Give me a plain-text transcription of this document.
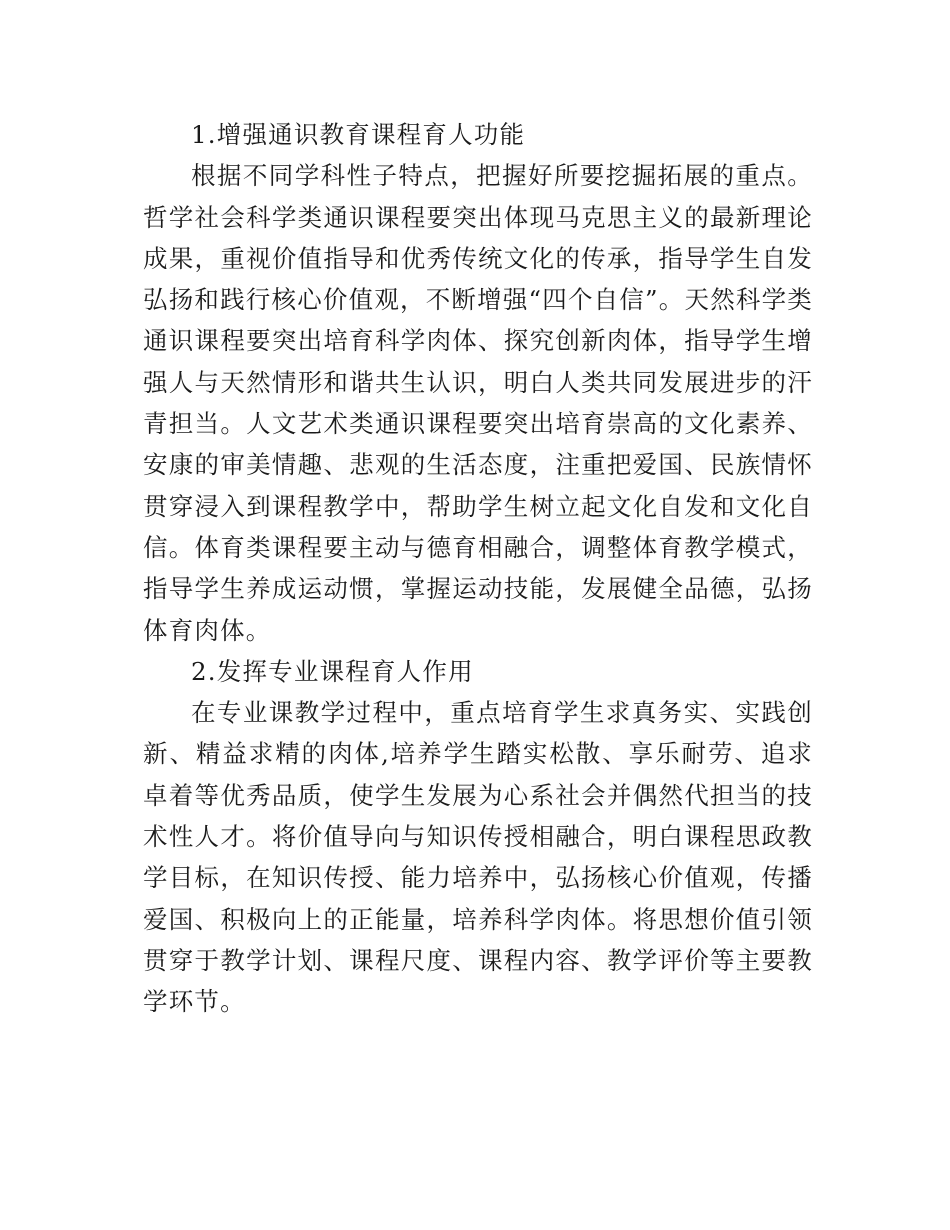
1.增强通识教育课程育人功能

根据不同学科性子特点，把握好所要挖掘拓展的重点。哲学社会科学类通识课程要突出体现马克思主义的最新理论成果，重视价值指导和优秀传统文化的传承，指导学生自发弘扬和践行核心价值观，不断增强“四个自信”。天然科学类通识课程要突出培育科学肉体、探究创新肉体，指导学生增强人与天然情形和谐共生认识，明白人类共同发展进步的汗青担当。人文艺术类通识课程要突出培育崇高的文化素养、安康的审美情趣、悲观的生活态度，注重把爱国、民族情怀贯穿浸入到课程教学中，帮助学生树立起文化自发和文化自信。体育类课程要主动与德育相融合，调整体育教学模式，指导学生养成运动惯，掌握运动技能，发展健全品德，弘扬体育肉体。

2.发挥专业课程育人作用

在专业课教学过程中，重点培育学生求真务实、实践创新、精益求精的肉体,培养学生踏实松散、享乐耐劳、追求卓着等优秀品质，使学生发展为心系社会并偶然代担当的技术性人才。将价值导向与知识传授相融合，明白课程思政教学目标，在知识传授、能力培养中，弘扬核心价值观，传播爱国、积极向上的正能量，培养科学肉体。将思想价值引领贯穿于教学计划、课程尺度、课程内容、教学评价等主要教学环节。
